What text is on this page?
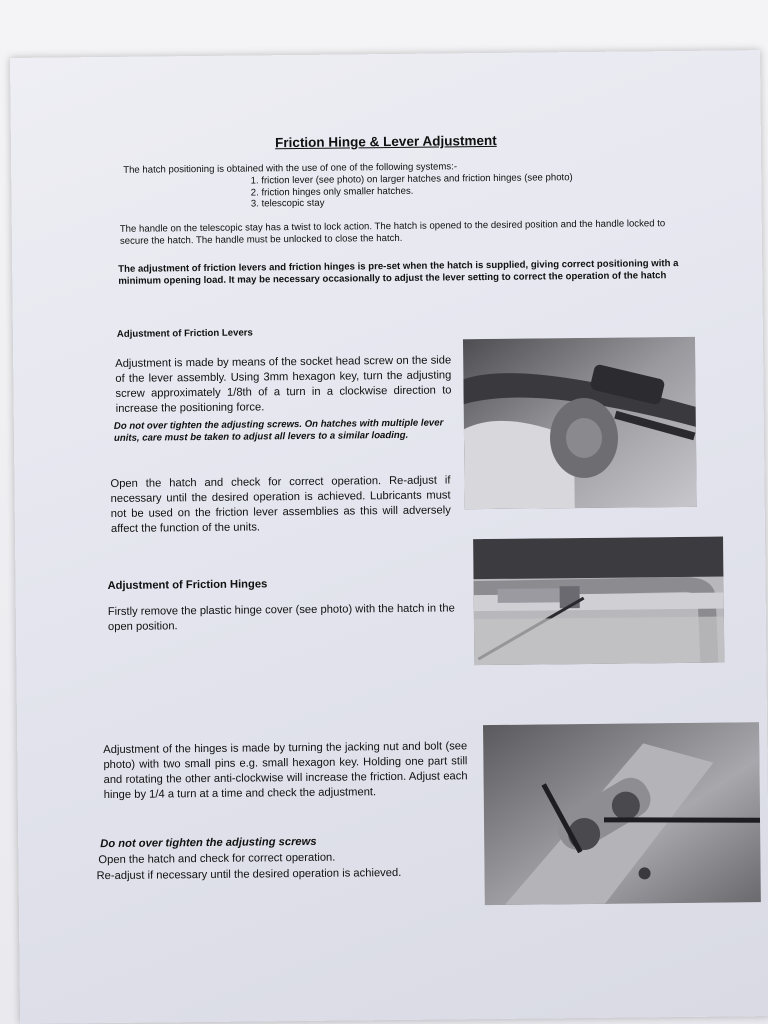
Friction Hinge & Lever Adjustment
The hatch positioning is obtained with the use of one of the following systems:-
1. friction lever (see photo) on larger hatches and friction hinges (see photo)
2. friction hinges only smaller hatches.
3. telescopic stay
The handle on the telescopic stay has a twist to lock action. The hatch is opened to the desired position and the handle locked to secure the hatch. The handle must be unlocked to close the hatch.
The adjustment of friction levers and friction hinges is pre-set when the hatch is supplied, giving correct positioning with a minimum opening load. It may be necessary occasionally to adjust the lever setting to correct the operation of the hatch
Adjustment of Friction Levers
Adjustment is made by means of the socket head screw on the side of the lever assembly. Using 3mm hexagon key, turn the adjusting screw approximately 1/8th of a turn in a clockwise direction to increase the positioning force.
Do not over tighten the adjusting screws. On hatches with multiple lever units, care must be taken to adjust all levers to a similar loading.
Open the hatch and check for correct operation. Re-adjust if necessary until the desired operation is achieved. Lubricants must not be used on the friction lever assemblies as this will adversely affect the function of the units.
Adjustment of Friction Hinges
Firstly remove the plastic hinge cover (see photo) with the hatch in the open position.
Adjustment of the hinges is made by turning the jacking nut and bolt (see photo) with two small pins e.g. small hexagon key. Holding one part still and rotating the other anti-clockwise will increase the friction. Adjust each hinge by 1/4 a turn at a time and check the adjustment.
Do not over tighten the adjusting screws
Open the hatch and check for correct operation.
Re-adjust if necessary until the desired operation is achieved.
